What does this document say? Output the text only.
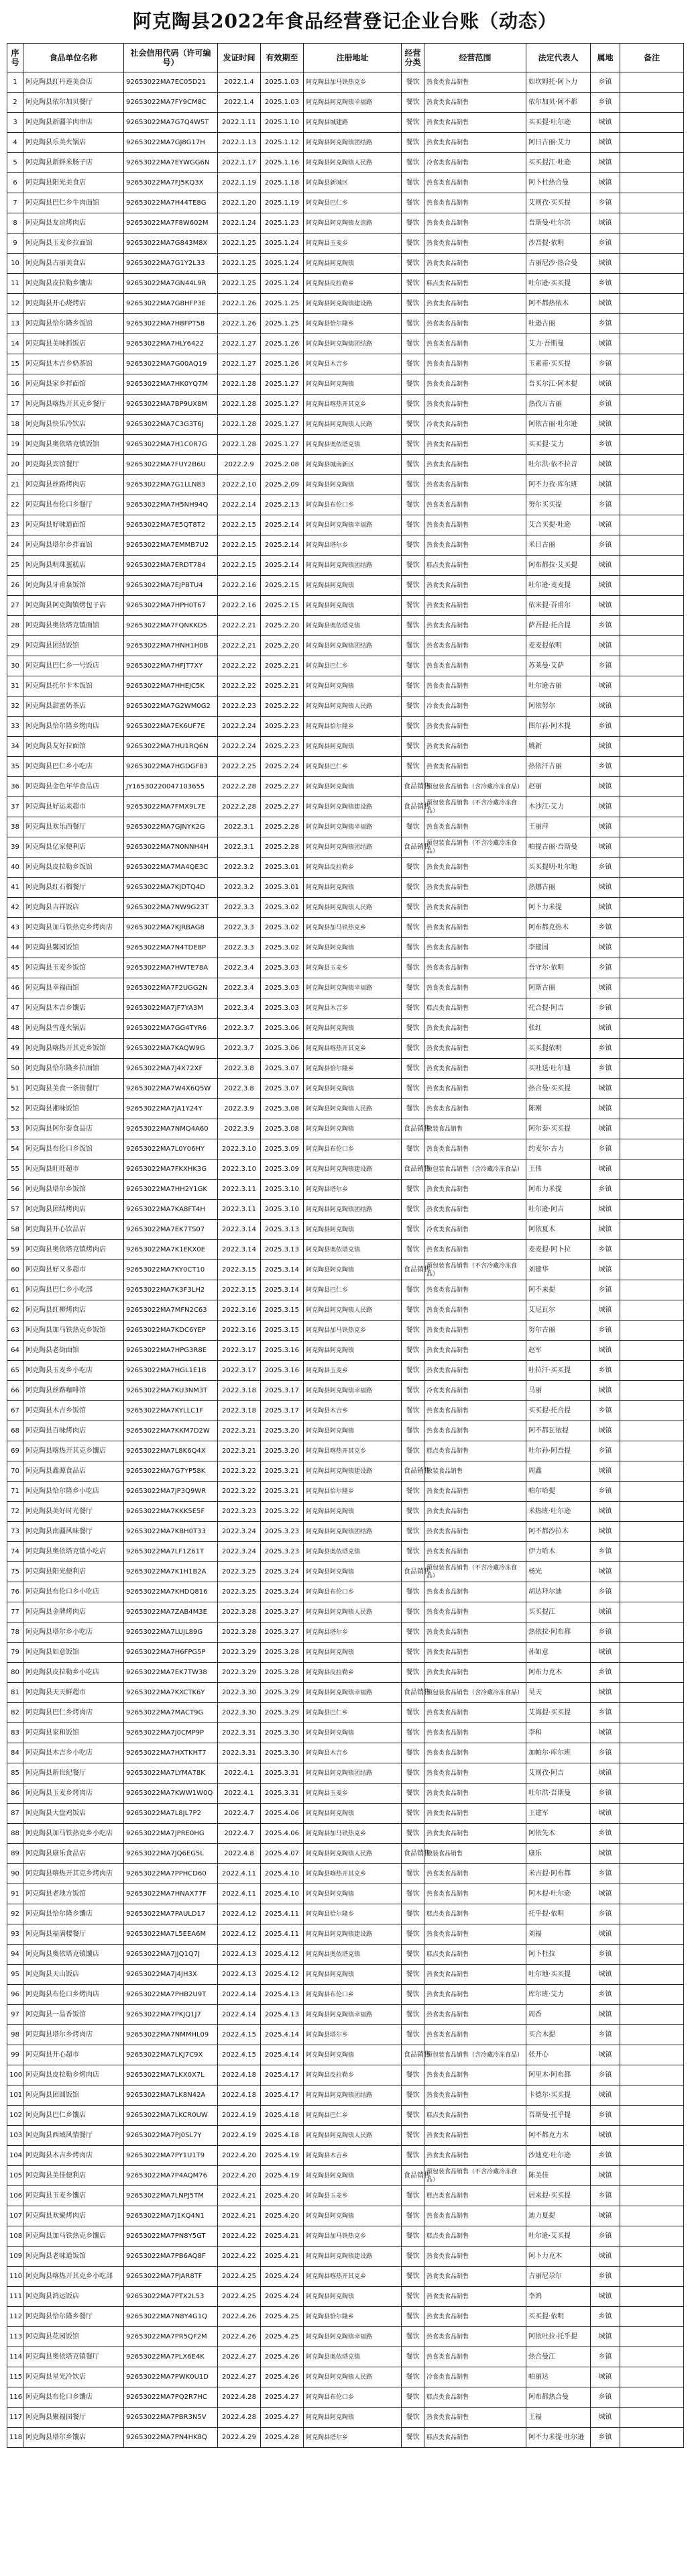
阿克陶县2022年食品经营登记企业台账（动态）
序号	食品单位名称	社会信用代码（许可编号）	发证时间	有效期至	注册地址	经营分类	经营范围	法定代表人	属地	备注
1	阿克陶县红丹莲美食店	92653022MA7EC05D21	2022.1.4	2025.1.03	阿克陶县加马铁热克乡	餐饮	热食类食品制售	如坎姆托·阿卜力	乡镇	
2	阿克陶县依尔加贝餐厅	92653022MA7FY9CM8C	2022.1.4	2025.1.03	阿克陶县阿克陶镇幸福路	餐饮	热食类食品制售	依尔加贝·阿不都	乡镇	
3	阿克陶县新疆羊肉串店	92653022MA7G7Q4W5T	2022.1.11	2025.1.10	阿克陶县城建路	餐饮	热食类食品制售	买买提·吐尔逊	城镇	
4	阿克陶县乐美火锅店	92653022MA7GJ8G17H	2022.1.13	2025.1.12	阿克陶县阿克陶镇团结路	餐饮	热食类食品制售	阿日古丽·艾力	城镇	
5	阿克陶县新鲜米肠子店	92653022MA7EYWGG6N	2022.1.17	2025.1.16	阿克陶县阿克陶镇人民路	餐饮	冷食类食品制售	买买提江·吐逊	城镇	
6	阿克陶县阳光美食店	92653022MA7FJ5KQ3X	2022.1.19	2025.1.18	阿克陶县新城区	餐饮	热食类食品制售	阿卜杜热合曼	城镇	
7	阿克陶县巴仁乡牛肉面馆	92653022MA7H44TE8G	2022.1.20	2025.1.19	阿克陶县巴仁乡	餐饮	热食类食品制售	艾则孜·买买提	乡镇	
8	阿克陶县友谊烤肉店	92653022MA7F8W602M	2022.1.24	2025.1.23	阿克陶县阿克陶镇友谊路	餐饮	热食类食品制售	吾斯曼·吐尔洪	城镇	
9	阿克陶县玉麦乡拉面馆	92653022MA7G843M8X	2022.1.25	2025.1.24	阿克陶县玉麦乡	餐饮	热食类食品制售	沙吾提·依明	乡镇	
10	阿克陶县古丽美食店	92653022MA7G1Y2L33	2022.1.25	2025.1.24	阿克陶县阿克陶镇	餐饮	热食类食品制售	古丽尼沙·热合曼	城镇	
11	阿克陶县皮拉勒乡馕店	92653022MA7GN44L9R	2022.1.25	2025.1.24	阿克陶县皮拉勒乡	餐饮	糕点类食品制售	吐尔逊·买买提	乡镇	
12	阿克陶县开心烧烤店	92653022MA7G8HFP3E	2022.1.26	2025.1.25	阿克陶县阿克陶镇建设路	餐饮	热食类食品制售	阿不都热依木	城镇	
13	阿克陶县恰尔隆乡饭馆	92653022MA7H8FPT58	2022.1.26	2025.1.25	阿克陶县恰尔隆乡	餐饮	热食类食品制售	吐逊古丽	乡镇	
14	阿克陶县美味抓饭店	92653022MA7HLY6422	2022.1.27	2025.1.26	阿克陶县阿克陶镇团结路	餐饮	热食类食品制售	艾力·吾斯曼	城镇	
15	阿克陶县木吉乡奶茶馆	92653022MA7G00AQ19	2022.1.27	2025.1.26	阿克陶县木吉乡	餐饮	热食类食品制售	玉素甫·买买提	乡镇	
16	阿克陶县家乡拌面馆	92653022MA7HK0YQ7M	2022.1.28	2025.1.27	阿克陶县阿克陶镇	餐饮	热食类食品制售	吾买尔江·阿木提	城镇	
17	阿克陶县喀热开其克乡餐厅	92653022MA7BP9UX8M	2022.1.28	2025.1.27	阿克陶县喀热开其克乡	餐饮	热食类食品制售	热孜万古丽	乡镇	
18	阿克陶县快乐冷饮店	92653022MA7C3G3T6J	2022.1.28	2025.1.27	阿克陶县阿克陶镇人民路	餐饮	冷食类食品制售	阿依古丽·吐尔逊	城镇	
19	阿克陶县奥依塔克镇饭馆	92653022MA7H1C0R7G	2022.1.28	2025.1.27	阿克陶县奥依塔克镇	餐饮	热食类食品制售	买买提·艾力	乡镇	
20	阿克陶县宾馆餐厅	92653022MA7FUY2B6U	2022.2.9	2025.2.08	阿克陶县城南新区	餐饮	热食类食品制售	吐尔洪·依不拉音	城镇	
21	阿克陶县丝路烤肉店	92653022MA7G1LLN83	2022.2.10	2025.2.09	阿克陶县阿克陶镇	餐饮	热食类食品制售	阿不力孜·库尔班	城镇	
22	阿克陶县布伦口乡餐厅	92653022MA7H5NH94Q	2022.2.14	2025.2.13	阿克陶县布伦口乡	餐饮	热食类食品制售	努尔买买提	乡镇	
23	阿克陶县好味道面馆	92653022MA7E5QT8T2	2022.2.15	2025.2.14	阿克陶县阿克陶镇幸福路	餐饮	热食类食品制售	艾合买提·吐逊	城镇	
24	阿克陶县塔尔乡拌面馆	92653022MA7EMMB7U2	2022.2.15	2025.2.14	阿克陶县塔尔乡	餐饮	热食类食品制售	米日古丽	乡镇	
25	阿克陶县明珠蛋糕店	92653022MA7ERDT784	2022.2.15	2025.2.14	阿克陶县阿克陶镇团结路	餐饮	糕点类食品制售	阿布都拉·艾买提	城镇	
26	阿克陶县牙甫泉饭馆	92653022MA7EJPBTU4	2022.2.16	2025.2.15	阿克陶县阿克陶镇	餐饮	热食类食品制售	吐尔逊·麦麦提	城镇	
27	阿克陶县阿克陶镇烤包子店	92653022MA7HPH0T67	2022.2.16	2025.2.15	阿克陶县阿克陶镇	餐饮	热食类食品制售	依米提·吾甫尔	城镇	
28	阿克陶县奥依塔克镇面馆	92653022MA7FQNKKD5	2022.2.21	2025.2.20	阿克陶县奥依塔克镇	餐饮	热食类食品制售	萨吾提·托合提	乡镇	
29	阿克陶县团结饭馆	92653022MA7HNH1H0B	2022.2.21	2025.2.20	阿克陶县阿克陶镇团结路	餐饮	热食类食品制售	麦麦提依明	城镇	
30	阿克陶县巴仁乡一号饭店	92653022MA7HFJT7XY	2022.2.22	2025.2.21	阿克陶县巴仁乡	餐饮	热食类食品制售	苏莱曼·艾萨	乡镇	
31	阿克陶县托尔卡木饭馆	92653022MA7HHEJC5K	2022.2.22	2025.2.21	阿克陶县阿克陶镇	餐饮	热食类食品制售	吐尔逊古丽	城镇	
32	阿克陶县甜蜜奶茶店	92653022MA7G2WM0G2	2022.2.23	2025.2.22	阿克陶县阿克陶镇人民路	餐饮	冷食类食品制售	阿依努尔	城镇	
33	阿克陶县恰尔隆乡烤肉店	92653022MA7EK6UF7E	2022.2.24	2025.2.23	阿克陶县恰尔隆乡	餐饮	热食类食品制售	图尔荪·阿木提	乡镇	
34	阿克陶县友好拉面馆	92653022MA7HU1RQ6N	2022.2.24	2025.2.23	阿克陶县阿克陶镇	餐饮	热食类食品制售	姚新	城镇	
35	阿克陶县巴仁乡小吃店	92653022MA7HGDGF83	2022.2.25	2025.2.24	阿克陶县巴仁乡	餐饮	热食类食品制售	热依汗古丽	乡镇	
36	阿克陶县金色年华食品店	JY16530220047103655	2022.2.28	2025.2.27	阿克陶县阿克陶镇	食品销售	预包装食品销售（含冷藏冷冻食品）	赵丽	城镇	
37	阿克陶县好运来超市	92653022MA7FMX9L7E	2022.2.28	2025.2.27	阿克陶县阿克陶镇建设路	食品销售	预包装食品销售（不含冷藏冷冻食品）	木沙江·艾力	城镇	
38	阿克陶县欢乐西餐厅	92653022MA7GJNYK2G	2022.3.1	2025.2.28	阿克陶县阿克陶镇幸福路	餐饮	热食类食品制售	王丽萍	城镇	
39	阿克陶县亿家便利店	92653022MA7N0NNH4H	2022.3.1	2025.2.28	阿克陶县阿克陶镇团结路	食品销售	预包装食品销售（不含冷藏冷冻食品）	帕提古丽·吾斯曼	城镇	
40	阿克陶县皮拉勒乡饭馆	92653022MA7MA4QE3C	2022.3.2	2025.3.01	阿克陶县皮拉勒乡	餐饮	热食类食品制售	买买提明·吐尔地	乡镇	
41	阿克陶县红石榴餐厅	92653022MA7KJDTQ4D	2022.3.2	2025.3.01	阿克陶县阿克陶镇	餐饮	热食类食品制售	热娜古丽	城镇	
42	阿克陶县吉祥饭店	92653022MA7NW9G23T	2022.3.3	2025.3.02	阿克陶县阿克陶镇人民路	餐饮	热食类食品制售	阿卜力米提	城镇	
43	阿克陶县加马铁热克乡烤肉店	92653022MA7KJRBAG8	2022.3.3	2025.3.02	阿克陶县加马铁热克乡	餐饮	热食类食品制售	阿布都克热木	乡镇	
44	阿克陶县馨园饭馆	92653022MA7N4TDE8P	2022.3.3	2025.3.02	阿克陶县阿克陶镇	餐饮	热食类食品制售	李建国	城镇	
45	阿克陶县玉麦乡饭馆	92653022MA7HWTE78A	2022.3.4	2025.3.03	阿克陶县玉麦乡	餐饮	热食类食品制售	吾守尔·依明	乡镇	
46	阿克陶县幸福面馆	92653022MA7F2UGG2N	2022.3.4	2025.3.03	阿克陶县阿克陶镇幸福路	餐饮	热食类食品制售	阿斯古丽	城镇	
47	阿克陶县木吉乡馕店	92653022MA7JF7YA3M	2022.3.4	2025.3.03	阿克陶县木吉乡	餐饮	糕点类食品制售	托合提·阿吉	乡镇	
48	阿克陶县雪莲火锅店	92653022MA7GG4TYR6	2022.3.7	2025.3.06	阿克陶县阿克陶镇	餐饮	热食类食品制售	张红	城镇	
49	阿克陶县喀热开其克乡饭馆	92653022MA7KAQW9G	2022.3.7	2025.3.06	阿克陶县喀热开其克乡	餐饮	热食类食品制售	买买提依明	乡镇	
50	阿克陶县恰尔隆乡拉面馆	92653022MA7J4X72XF	2022.3.8	2025.3.07	阿克陶县恰尔隆乡	餐饮	热食类食品制售	买吐送·吐尔迪	乡镇	
51	阿克陶县美食一条街餐厅	92653022MA7W4X6Q5W	2022.3.8	2025.3.07	阿克陶县阿克陶镇	餐饮	热食类食品制售	热合曼·买买提	城镇	
52	阿克陶县湘味饭馆	92653022MA7JA1Y24Y	2022.3.9	2025.3.08	阿克陶县阿克陶镇人民路	餐饮	热食类食品制售	陈刚	城镇	
53	阿克陶县阿尔泰食品店	92653022MA7NMQ4A60	2022.3.9	2025.3.08	阿克陶县阿克陶镇	食品销售	散装食品销售	阿尔泰·买买提	城镇	
54	阿克陶县布伦口乡饭馆	92653022MA7L0Y06HY	2022.3.10	2025.3.09	阿克陶县布伦口乡	餐饮	热食类食品制售	约麦尔·古力	乡镇	
55	阿克陶县旺旺超市	92653022MA7FKXHK3G	2022.3.10	2025.3.09	阿克陶县阿克陶镇建设路	食品销售	预包装食品销售（含冷藏冷冻食品）	王伟	城镇	
56	阿克陶县塔尔乡饭馆	92653022MA7HH2Y1GK	2022.3.11	2025.3.10	阿克陶县塔尔乡	餐饮	热食类食品制售	阿布力米提	乡镇	
57	阿克陶县团结烤肉店	92653022MA7KA8FT4H	2022.3.11	2025.3.10	阿克陶县阿克陶镇团结路	餐饮	热食类食品制售	吐尔逊·阿吉	城镇	
58	阿克陶县开心饮品店	92653022MA7EK7TS07	2022.3.14	2025.3.13	阿克陶县阿克陶镇	餐饮	冷食类食品制售	阿依夏木	城镇	
59	阿克陶县奥依塔克镇烤肉店	92653022MA7K1EKX0E	2022.3.14	2025.3.13	阿克陶县奥依塔克镇	餐饮	热食类食品制售	麦麦提·阿卜拉	乡镇	
60	阿克陶县好又多超市	92653022MA7KY0CT10	2022.3.15	2025.3.14	阿克陶县阿克陶镇	食品销售	预包装食品销售（不含冷藏冷冻食品）	刘建华	城镇	
61	阿克陶县巴仁乡小吃部	92653022MA7K3F3LH2	2022.3.15	2025.3.14	阿克陶县巴仁乡	餐饮	热食类食品制售	阿不来提	乡镇	
62	阿克陶县红柳烤肉店	92653022MA7MFN2C63	2022.3.16	2025.3.15	阿克陶县阿克陶镇人民路	餐饮	热食类食品制售	艾尼瓦尔	城镇	
63	阿克陶县加马铁热克乡饭馆	92653022MA7KDC6YEP	2022.3.16	2025.3.15	阿克陶县加马铁热克乡	餐饮	热食类食品制售	努尔古丽	乡镇	
64	阿克陶县老街面馆	92653022MA7HPG3R8E	2022.3.17	2025.3.16	阿克陶县阿克陶镇	餐饮	热食类食品制售	赵军	城镇	
65	阿克陶县玉麦乡小吃店	92653022MA7HGL1E1B	2022.3.17	2025.3.16	阿克陶县玉麦乡	餐饮	热食类食品制售	吐拉汗·买买提	乡镇	
66	阿克陶县丝路咖啡馆	92653022MA7KU3NM3T	2022.3.18	2025.3.17	阿克陶县阿克陶镇幸福路	餐饮	冷食类食品制售	马丽	城镇	
67	阿克陶县木吉乡饭馆	92653022MA7KYLLC1F	2022.3.18	2025.3.17	阿克陶县木吉乡	餐饮	热食类食品制售	买买提·托合提	乡镇	
68	阿克陶县百味烤肉店	92653022MA7KKM7D2W	2022.3.21	2025.3.20	阿克陶县阿克陶镇	餐饮	热食类食品制售	阿不都瓦依提	城镇	
69	阿克陶县喀热开其克乡馕店	92653022MA7L8K6Q4X	2022.3.21	2025.3.20	阿克陶县喀热开其克乡	餐饮	糕点类食品制售	吐尔孙·阿吾提	乡镇	
70	阿克陶县鑫源食品店	92653022MA7G7YP58K	2022.3.22	2025.3.21	阿克陶县阿克陶镇建设路	食品销售	散装食品销售	周鑫	城镇	
71	阿克陶县恰尔隆乡小吃店	92653022MA7JP3Q9WR	2022.3.22	2025.3.21	阿克陶县恰尔隆乡	餐饮	热食类食品制售	帕尔哈提	乡镇	
72	阿克陶县美好时光餐厅	92653022MA7KKK5E5F	2022.3.23	2025.3.22	阿克陶县阿克陶镇	餐饮	热食类食品制售	米热班·吐尔逊	城镇	
73	阿克陶县南疆风味餐厅	92653022MA7KBH0T33	2022.3.24	2025.3.23	阿克陶县阿克陶镇团结路	餐饮	热食类食品制售	阿不都沙拉木	城镇	
74	阿克陶县奥依塔克镇小吃店	92653022MA7LF1Z61T	2022.3.24	2025.3.23	阿克陶县奥依塔克镇	餐饮	热食类食品制售	伊力哈木	乡镇	
75	阿克陶县阳光便利店	92653022MA7K1H1B2A	2022.3.25	2025.3.24	阿克陶县阿克陶镇	食品销售	预包装食品销售（不含冷藏冷冻食品）	杨光	城镇	
76	阿克陶县布伦口乡小吃店	92653022MA7KHDQ816	2022.3.25	2025.3.24	阿克陶县布伦口乡	餐饮	热食类食品制售	胡达拜尔迪	乡镇	
77	阿克陶县金牌烤肉店	92653022MA7ZAB4M3E	2022.3.28	2025.3.27	阿克陶县阿克陶镇人民路	餐饮	热食类食品制售	买买提江	城镇	
78	阿克陶县塔尔乡小吃店	92653022MA7LUJL89G	2022.3.28	2025.3.27	阿克陶县塔尔乡	餐饮	热食类食品制售	热依拉·阿布都	乡镇	
79	阿克陶县如意饭馆	92653022MA7H6FPG5P	2022.3.29	2025.3.28	阿克陶县阿克陶镇	餐饮	热食类食品制售	孙如意	城镇	
80	阿克陶县皮拉勒乡小吃店	92653022MA7EK7TW38	2022.3.29	2025.3.28	阿克陶县皮拉勒乡	餐饮	热食类食品制售	阿布力克木	乡镇	
81	阿克陶县天天鲜超市	92653022MA7KXCTK6Y	2022.3.30	2025.3.29	阿克陶县阿克陶镇幸福路	食品销售	预包装食品销售（含冷藏冷冻食品）	吴天	城镇	
82	阿克陶县巴仁乡烤肉店	92653022MA7MACT9G	2022.3.30	2025.3.29	阿克陶县巴仁乡	餐饮	热食类食品制售	艾海提·买买提	乡镇	
83	阿克陶县家和饭馆	92653022MA7J0CMP9P	2022.3.31	2025.3.30	阿克陶县阿克陶镇	餐饮	热食类食品制售	李和	城镇	
84	阿克陶县木吉乡小吃店	92653022MA7HXTKHT7	2022.3.31	2025.3.30	阿克陶县木吉乡	餐饮	热食类食品制售	加帕尔·库尔班	乡镇	
85	阿克陶县新世纪餐厅	92653022MA7LYMA78K	2022.4.1	2025.3.31	阿克陶县阿克陶镇团结路	餐饮	热食类食品制售	艾则孜·阿吉	城镇	
86	阿克陶县玉麦乡烤肉店	92653022MA7KWW1W0Q	2022.4.1	2025.3.31	阿克陶县玉麦乡	餐饮	热食类食品制售	吐尔洪·吾斯曼	乡镇	
87	阿克陶县大盘鸡饭店	92653022MA7L8JL7P2	2022.4.7	2025.4.06	阿克陶县阿克陶镇	餐饮	热食类食品制售	王建军	城镇	
88	阿克陶县加马铁热克乡小吃店	92653022MA7JPRE0HG	2022.4.7	2025.4.06	阿克陶县加马铁热克乡	餐饮	热食类食品制售	阿依先木	乡镇	
89	阿克陶县康乐食品店	92653022MA7JQ6EG5L	2022.4.8	2025.4.07	阿克陶县阿克陶镇人民路	食品销售	散装食品销售	康乐	城镇	
90	阿克陶县喀热开其克乡烤肉店	92653022MA7PPHCD60	2022.4.11	2025.4.10	阿克陶县喀热开其克乡	餐饮	热食类食品制售	米吉提·阿布都	乡镇	
91	阿克陶县老地方饭馆	92653022MA7HNAX77F	2022.4.11	2025.4.10	阿克陶县阿克陶镇	餐饮	热食类食品制售	阿木提·吐尔逊	城镇	
92	阿克陶县恰尔隆乡馕店	92653022MA7PAULD17	2022.4.12	2025.4.11	阿克陶县恰尔隆乡	餐饮	糕点类食品制售	托乎提·依明	乡镇	
93	阿克陶县福满楼餐厅	92653022MA7L5EEA6M	2022.4.12	2025.4.11	阿克陶县阿克陶镇建设路	餐饮	热食类食品制售	刘福	城镇	
94	阿克陶县奥依塔克镇馕店	92653022MA7JJQ1Q7J	2022.4.13	2025.4.12	阿克陶县奥依塔克镇	餐饮	糕点类食品制售	阿卜杜拉	乡镇	
95	阿克陶县天山饭店	92653022MA7J4JH3X	2022.4.13	2025.4.12	阿克陶县阿克陶镇	餐饮	热食类食品制售	吐尔地·买买提	城镇	
96	阿克陶县布伦口乡烤肉店	92653022MA7PHB2U9T	2022.4.14	2025.4.13	阿克陶县布伦口乡	餐饮	热食类食品制售	库尔班·艾力	乡镇	
97	阿克陶县一品香饭馆	92653022MA7PKJQ1J7	2022.4.14	2025.4.13	阿克陶县阿克陶镇幸福路	餐饮	热食类食品制售	周香	城镇	
98	阿克陶县塔尔乡烤肉店	92653022MA7NMMHL09	2022.4.15	2025.4.14	阿克陶县塔尔乡	餐饮	热食类食品制售	买合木提	乡镇	
99	阿克陶县开心超市	92653022MA7LKJ7C9X	2022.4.15	2025.4.14	阿克陶县阿克陶镇	食品销售	预包装食品销售（含冷藏冷冻食品）	张开心	城镇	
100	阿克陶县皮拉勒乡烤肉店	92653022MA7LKX0X7L	2022.4.18	2025.4.17	阿克陶县皮拉勒乡	餐饮	热食类食品制售	阿里木·阿布都	乡镇	
101	阿克陶县团圆饭馆	92653022MA7LK8N42A	2022.4.18	2025.4.17	阿克陶县阿克陶镇团结路	餐饮	热食类食品制售	卡德尔·买买提	城镇	
102	阿克陶县巴仁乡馕店	92653022MA7LKCR0UW	2022.4.19	2025.4.18	阿克陶县巴仁乡	餐饮	糕点类食品制售	吾斯曼·托乎提	乡镇	
103	阿克陶县西域风情餐厅	92653022MA7PJ0SL7Y	2022.4.19	2025.4.18	阿克陶县阿克陶镇人民路	餐饮	热食类食品制售	阿不都克力木	城镇	
104	阿克陶县木吉乡烤肉店	92653022MA7PY1U1T9	2022.4.20	2025.4.19	阿克陶县木吉乡	餐饮	热食类食品制售	沙迪克·吐尔逊	乡镇	
105	阿克陶县美佳便利店	92653022MA7P4AQM76	2022.4.20	2025.4.19	阿克陶县阿克陶镇	食品销售	预包装食品销售（不含冷藏冷冻食品）	陈美佳	城镇	
106	阿克陶县玉麦乡馕店	92653022MA7LNPJ5TM	2022.4.21	2025.4.20	阿克陶县玉麦乡	餐饮	糕点类食品制售	居来提·买买提	乡镇	
107	阿克陶县欢聚烤肉店	92653022MA7J1KQ4N1	2022.4.21	2025.4.20	阿克陶县阿克陶镇	餐饮	热食类食品制售	迪力夏提	城镇	
108	阿克陶县加马铁热克乡馕店	92653022MA7PN8Y5GT	2022.4.22	2025.4.21	阿克陶县加马铁热克乡	餐饮	糕点类食品制售	吐尔逊·艾买提	乡镇	
109	阿克陶县老味道饭馆	92653022MA7PB6AQ8F	2022.4.22	2025.4.21	阿克陶县阿克陶镇建设路	餐饮	热食类食品制售	阿卜力克木	城镇	
110	阿克陶县喀热开其克乡小吃部	92653022MA7PJAR8TF	2022.4.25	2025.4.24	阿克陶县喀热开其克乡	餐饮	热食类食品制售	古丽尼尕尔	乡镇	
111	阿克陶县鸿运饭店	92653022MA7PTX2L53	2022.4.25	2025.4.24	阿克陶县阿克陶镇	餐饮	热食类食品制售	李鸿	城镇	
112	阿克陶县恰尔隆乡餐厅	92653022MA7N8Y4G1Q	2022.4.26	2025.4.25	阿克陶县恰尔隆乡	餐饮	热食类食品制售	买买提·依明	乡镇	
113	阿克陶县花园饭馆	92653022MA7PR5QF2M	2022.4.26	2025.4.25	阿克陶县阿克陶镇幸福路	餐饮	热食类食品制售	阿依吐拉·托乎提	城镇	
114	阿克陶县奥依塔克镇餐厅	92653022MA7PLX6E4K	2022.4.27	2025.4.26	阿克陶县奥依塔克镇	餐饮	热食类食品制售	热合曼江	乡镇	
115	阿克陶县星光冷饮店	92653022MA7PWK0U1D	2022.4.27	2025.4.26	阿克陶县阿克陶镇人民路	餐饮	冷食类食品制售	帕丽达	城镇	
116	阿克陶县布伦口乡馕店	92653022MA7PQ2R7HC	2022.4.28	2025.4.27	阿克陶县布伦口乡	餐饮	糕点类食品制售	阿布都热合曼	乡镇	
117	阿克陶县聚福园餐厅	92653022MA7PBR3N5V	2022.4.28	2025.4.27	阿克陶县阿克陶镇	餐饮	热食类食品制售	王福	城镇	
118	阿克陶县塔尔乡馕店	92653022MA7PN4HK8Q	2022.4.29	2025.4.28	阿克陶县塔尔乡	餐饮	糕点类食品制售	阿不力米提·吐尔逊	乡镇	
